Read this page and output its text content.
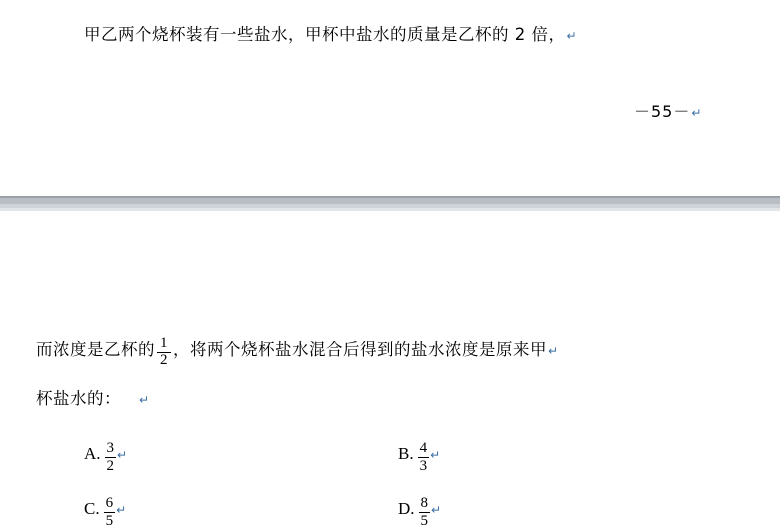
甲乙两个烧杯装有一些盐水，甲杯中盐水的质量是乙杯的 2 倍，↵
－55－↵
而浓度是乙杯的 $\frac{1}{2}$ ，将两个烧杯盐水混合后得到的盐水浓度是原来甲↵
杯盐水的： ↵
A. $\frac{3}{2}$ ↵	B. $\frac{4}{3}$ ↵
C. $\frac{6}{5}$ ↵	D. $\frac{8}{5}$ ↵
